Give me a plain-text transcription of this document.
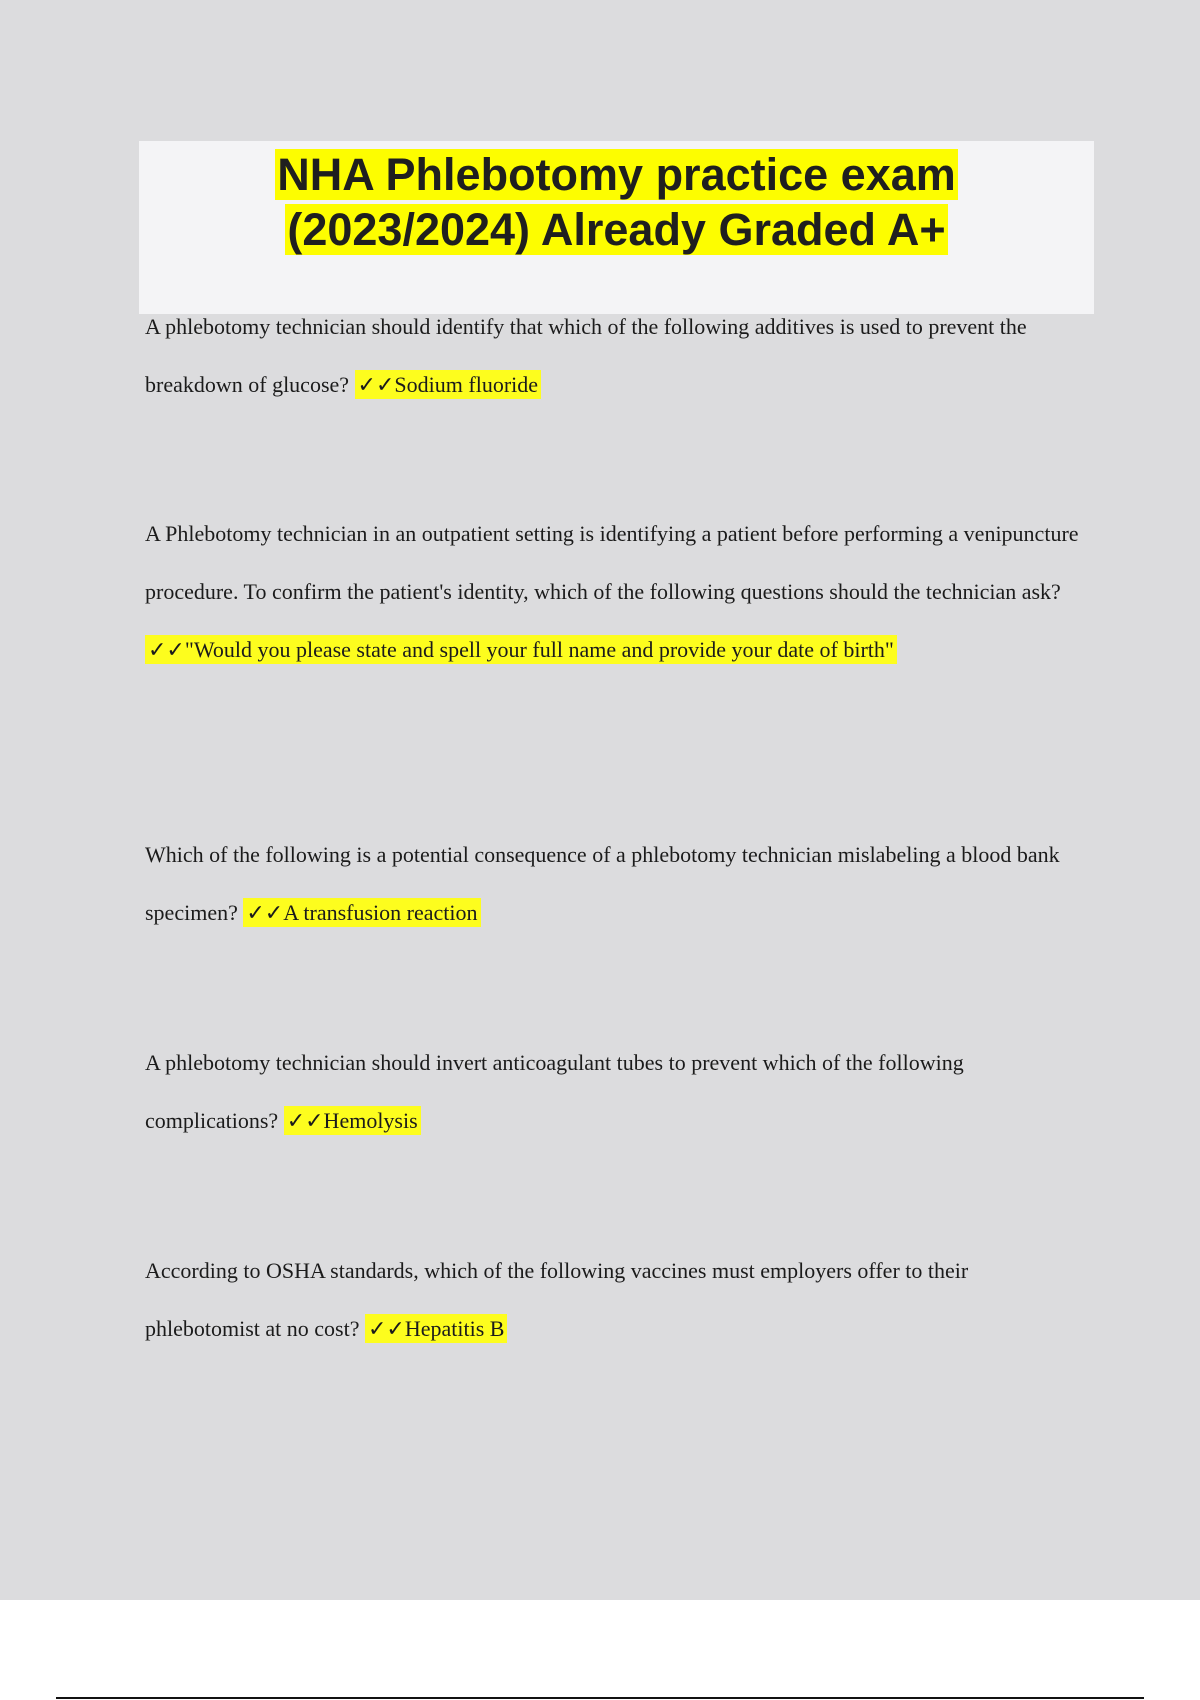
NHA Phlebotomy practice exam
(2023/2024) Already Graded A+
A phlebotomy technician should identify that which of the following additives is used to prevent the breakdown of glucose? ✓✓Sodium fluoride
A Phlebotomy technician in an outpatient setting is identifying a patient before performing a venipuncture procedure. To confirm the patient's identity, which of the following questions should the technician ask? ✓✓"Would you please state and spell your full name and provide your date of birth"
Which of the following is a potential consequence of a phlebotomy technician mislabeling a blood bank specimen? ✓✓A transfusion reaction
A phlebotomy technician should invert anticoagulant tubes to prevent which of the following complications? ✓✓Hemolysis
According to OSHA standards, which of the following vaccines must employers offer to their phlebotomist at no cost? ✓✓Hepatitis B
